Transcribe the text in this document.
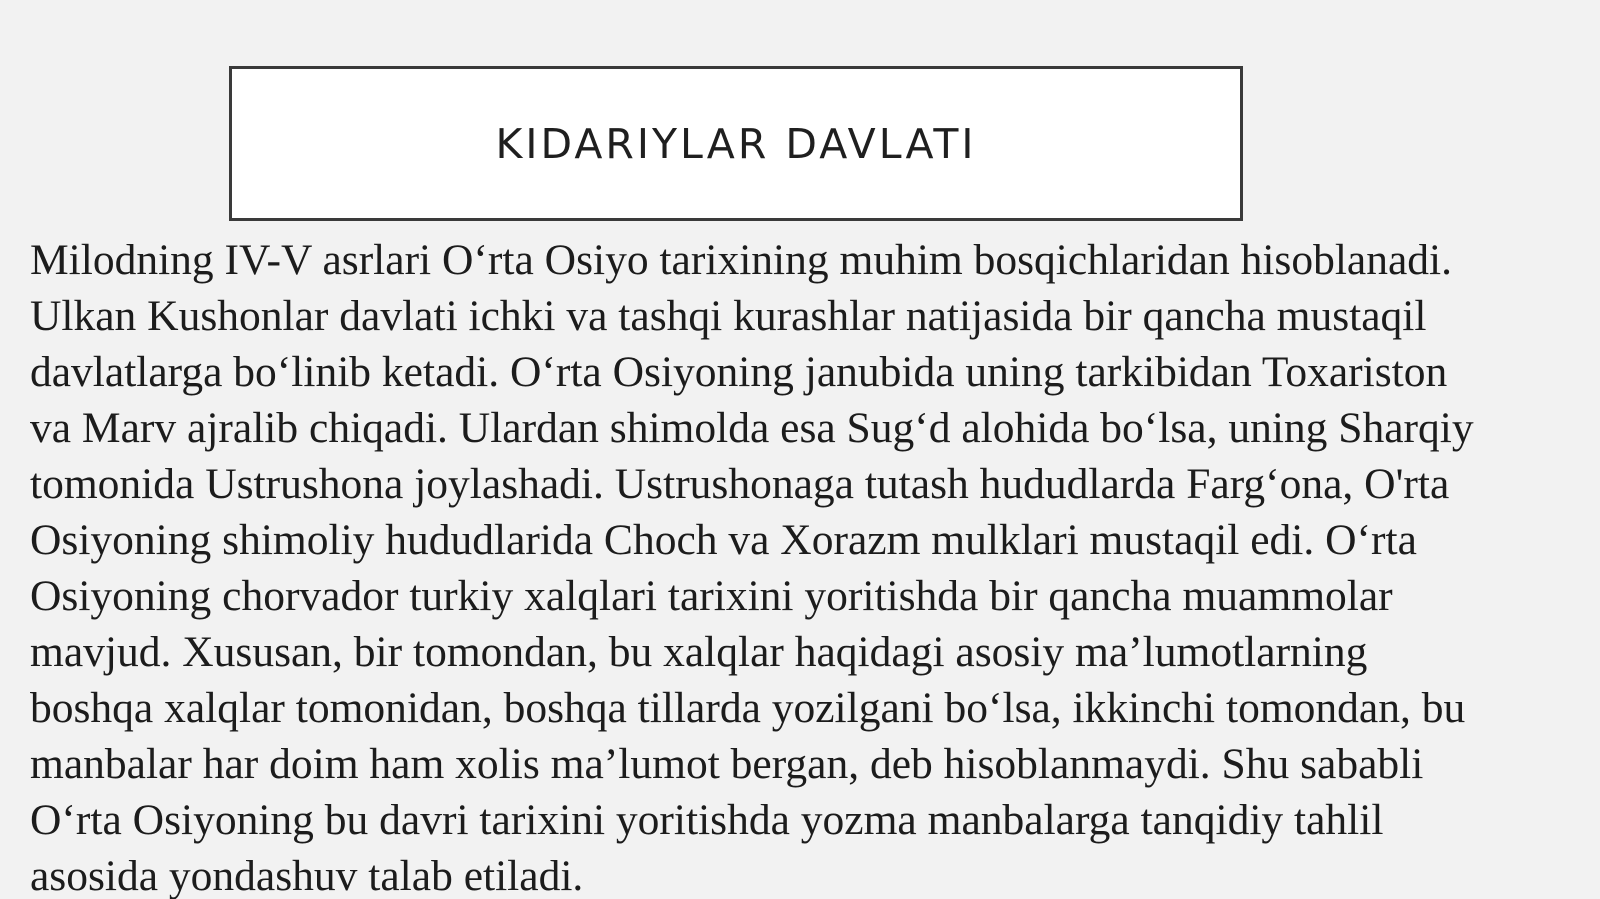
KIDARIYLAR DAVLATI
Milodning IV-V asrlari O‘rta Osiyo tarixining muhim bosqichlaridan hisoblanadi.
Ulkan Kushonlar davlati ichki va tashqi kurashlar natijasida bir qancha mustaqil
davlatlarga bo‘linib ketadi. O‘rta Osiyoning janubida uning tarkibidan Toxariston
va Marv ajralib chiqadi. Ulardan shimolda esa Sug‘d alohida bo‘lsa, uning Sharqiy
tomonida Ustrushona joylashadi. Ustrushonaga tutash hududlarda Farg‘ona, O'rta
Osiyoning shimoliy hududlarida Choch va Xorazm mulklari mustaqil edi. O‘rta
Osiyoning chorvador turkiy xalqlari tarixini yoritishda bir qancha muammolar
mavjud. Xususan, bir tomondan, bu xalqlar haqidagi asosiy ma’lumotlarning
boshqa xalqlar tomonidan, boshqa tillarda yozilgani bo‘lsa, ikkinchi tomondan, bu
manbalar har doim ham xolis ma’lumot bergan, deb hisoblanmaydi. Shu sababli
O‘rta Osiyoning bu davri tarixini yoritishda yozma manbalarga tanqidiy tahlil
asosida yondashuv talab etiladi.
